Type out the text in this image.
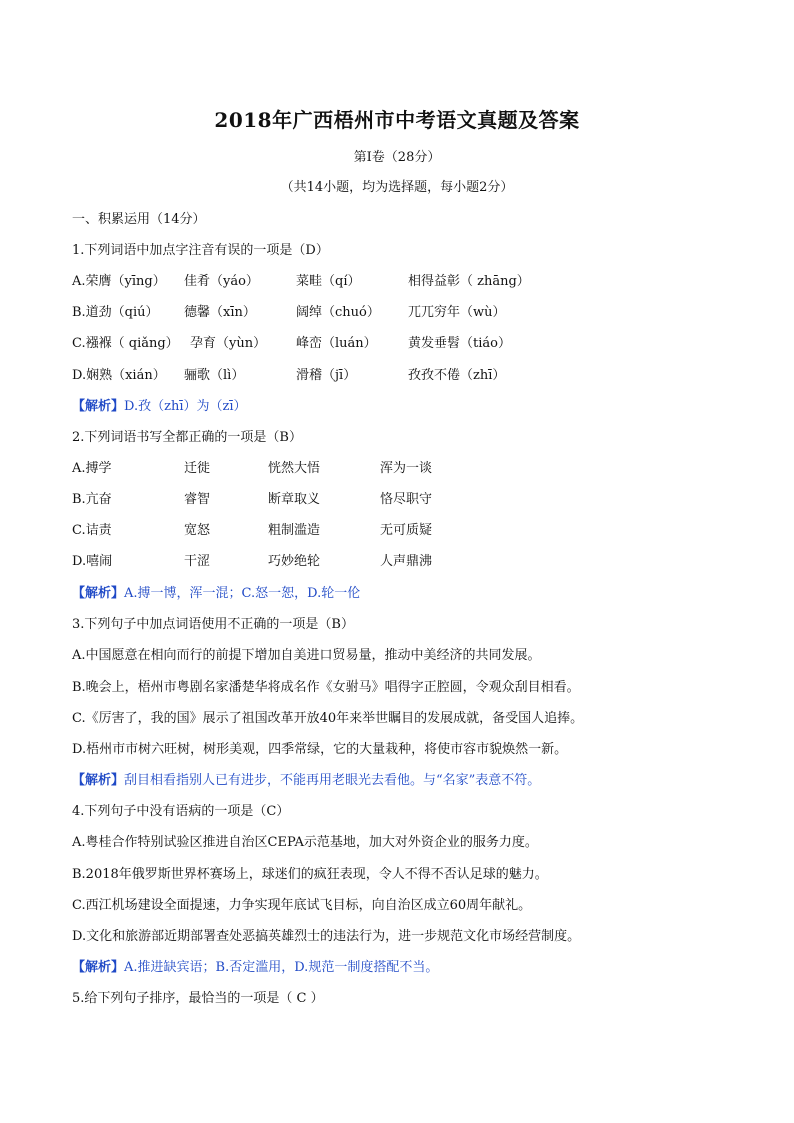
2018年广西梧州市中考语文真题及答案
第Ⅰ卷（28分）
（共14小题，均为选择题，每小题2分）
一、积累运用（14分）
1.下列词语中加点字注音有误的一项是（D）
A.荣膺（yīng） 佳肴（yáo）	菜畦（qí）	相得益彰（ zhāng）
B.道劲（qiú） 德馨（xīn）	阔绰（chuó） 兀兀穷年（wù）
C.襁褓（ qiǎng） 孕育（yùn） 峰峦（luán） 黄发垂髫（tiáo）
D.娴熟（xián） 骊歌（lì）	滑稽（jī）	孜孜不倦（zhī）
【解析】D.孜（zhī）为（zī）
2.下列词语书写全都正确的一项是（B）
A.搏学	迁徙	恍然大悟	浑为一谈
B.亢奋	睿智	断章取义	恪尽职守
C.诘责	宽怒	粗制滥造	无可质疑
D.嘻闹	干涩	巧妙绝轮	人声鼎沸
【解析】A.搏一博，浑一混；C.怒一恕，D.轮一伦
3.下列句子中加点词语使用不正确的一项是（B）
A.中国愿意在相向而行的前提下增加自美进口贸易量，推动中美经济的共同发展。
B.晚会上，梧州市粤剧名家潘楚华将成名作《女驸马》唱得字正腔圆，令观众刮目相看。
C.《厉害了，我的国》展示了祖国改革开放40年来举世瞩目的发展成就，备受国人追捧。
D.梧州市市树六旺树，树形美观，四季常绿，它的大量栽种，将使市容市貌焕然一新。
【解析】刮目相看指别人已有进步，不能再用老眼光去看他。与“名家”表意不符。
4.下列句子中没有语病的一项是（C）
A.粤桂合作特别试验区推进自治区CEPA示范基地，加大对外资企业的服务力度。
B.2018年俄罗斯世界杯赛场上，球迷们的疯狂表现，令人不得不否认足球的魅力。
C.西江机场建设全面提速，力争实现年底试飞目标，向自治区成立60周年献礼。
D.文化和旅游部近期部署查处恶搞英雄烈士的违法行为，进一步规范文化市场经营制度。
【解析】A.推进缺宾语；B.否定滥用，D.规范一制度搭配不当。
5.给下列句子排序，最恰当的一项是（ C ）
